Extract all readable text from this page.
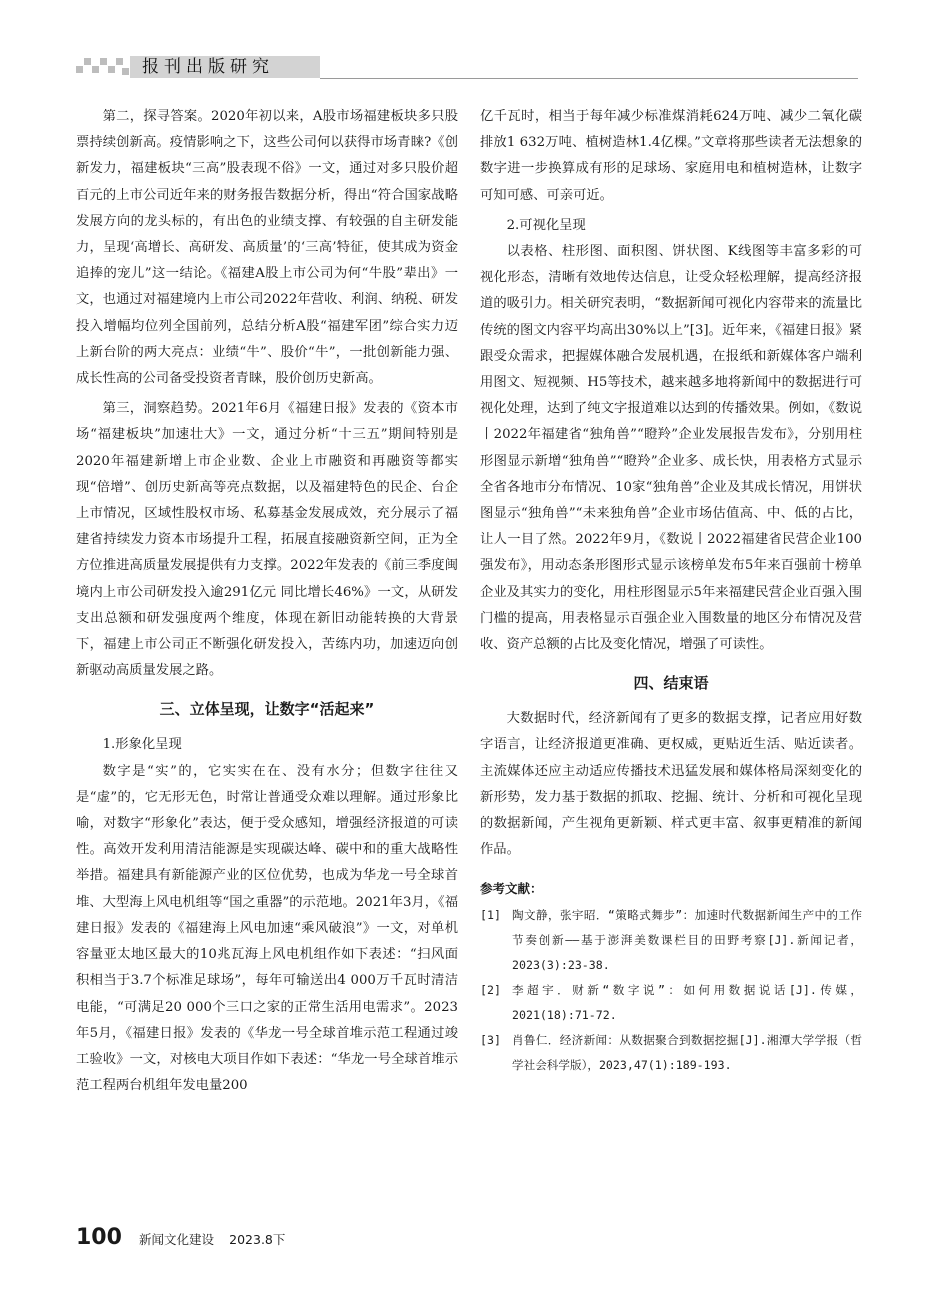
报刊出版研究

第二，探寻答案。2020年初以来，A股市场福建板块多只股票持续创新高。疫情影响之下，这些公司何以获得市场青睐?《创新发力，福建板块“三高”股表现不俗》一文，通过对多只股价超百元的上市公司近年来的财务报告数据分析，得出“符合国家战略发展方向的龙头标的，有出色的业绩支撑、有较强的自主研发能力，呈现‘高增长、高研发、高质量’的‘三高’特征，使其成为资金追捧的宠儿”这一结论。《福建A股上市公司为何“牛股”辈出》一文，也通过对福建境内上市公司2022年营收、利润、纳税、研发投入增幅均位列全国前列，总结分析A股“福建军团”综合实力迈上新台阶的两大亮点：业绩“牛”、股价“牛”，一批创新能力强、成长性高的公司备受投资者青睐，股价创历史新高。

第三，洞察趋势。2021年6月《福建日报》发表的《资本市场“福建板块”加速壮大》一文，通过分析“十三五”期间特别是2020年福建新增上市企业数、企业上市融资和再融资等都实现“倍增”、创历史新高等亮点数据，以及福建特色的民企、台企上市情况，区域性股权市场、私募基金发展成效，充分展示了福建省持续发力资本市场提升工程，拓展直接融资新空间，正为全方位推进高质量发展提供有力支撑。2022年发表的《前三季度闽境内上市公司研发投入逾291亿元 同比增长46%》一文，从研发支出总额和研发强度两个维度，体现在新旧动能转换的大背景下，福建上市公司正不断强化研发投入，苦练内功，加速迈向创新驱动高质量发展之路。

三、立体呈现，让数字“活起来”

1.形象化呈现

数字是“实”的，它实实在在、没有水分；但数字往往又是“虚”的，它无形无色，时常让普通受众难以理解。通过形象比喻，对数字“形象化”表达，便于受众感知，增强经济报道的可读性。高效开发利用清洁能源是实现碳达峰、碳中和的重大战略性举措。福建具有新能源产业的区位优势，也成为华龙一号全球首堆、大型海上风电机组等“国之重器”的示范地。2021年3月，《福建日报》发表的《福建海上风电加速“乘风破浪”》一文，对单机容量亚太地区最大的10兆瓦海上风电机组作如下表述：“扫风面积相当于3.7个标准足球场”，每年可输送出4 000万千瓦时清洁电能，“可满足20 000个三口之家的正常生活用电需求”。2023年5月，《福建日报》发表的《华龙一号全球首堆示范工程通过竣工验收》一文，对核电大项目作如下表述：“华龙一号全球首堆示范工程两台机组年发电量200

亿千瓦时，相当于每年减少标准煤消耗624万吨、减少二氧化碳排放1 632万吨、植树造林1.4亿棵。”文章将那些读者无法想象的数字进一步换算成有形的足球场、家庭用电和植树造林，让数字可知可感、可亲可近。

2.可视化呈现

以表格、柱形图、面积图、饼状图、K线图等丰富多彩的可视化形态，清晰有效地传达信息，让受众轻松理解，提高经济报道的吸引力。相关研究表明，“数据新闻可视化内容带来的流量比传统的图文内容平均高出30%以上”[3]。近年来，《福建日报》紧跟受众需求，把握媒体融合发展机遇，在报纸和新媒体客户端利用图文、短视频、H5等技术，越来越多地将新闻中的数据进行可视化处理，达到了纯文字报道难以达到的传播效果。例如，《数说丨2022年福建省“独角兽”“瞪羚”企业发展报告发布》，分别用柱形图显示新增“独角兽”“瞪羚”企业多、成长快，用表格方式显示全省各地市分布情况、10家“独角兽”企业及其成长情况，用饼状图显示“独角兽”“未来独角兽”企业市场估值高、中、低的占比，让人一目了然。2022年9月，《数说丨2022福建省民营企业100强发布》，用动态条形图形式显示该榜单发布5年来百强前十榜单企业及其实力的变化，用柱形图显示5年来福建民营企业百强入围门槛的提高，用表格显示百强企业入围数量的地区分布情况及营收、资产总额的占比及变化情况，增强了可读性。

四、结束语

大数据时代，经济新闻有了更多的数据支撑，记者应用好数字语言，让经济报道更准确、更权威，更贴近生活、贴近读者。主流媒体还应主动适应传播技术迅猛发展和媒体格局深刻变化的新形势，发力基于数据的抓取、挖掘、统计、分析和可视化呈现的数据新闻，产生视角更新颖、样式更丰富、叙事更精准的新闻作品。

参考文献：
[1] 陶文静，张宇昭．“策略式舞步”：加速时代数据新闻生产中的工作节奏创新——基于澎湃美数课栏目的田野考察[J].新闻记者，2023(3):23-38.
[2] 李超宇．财新“数字说”：如何用数据说话[J].传媒，2021(18):71-72.
[3] 肖鲁仁．经济新闻：从数据聚合到数据挖掘[J].湘潭大学学报（哲学社会科学版），2023,47(1):189-193.
100 新闻文化建设 2023.8下
